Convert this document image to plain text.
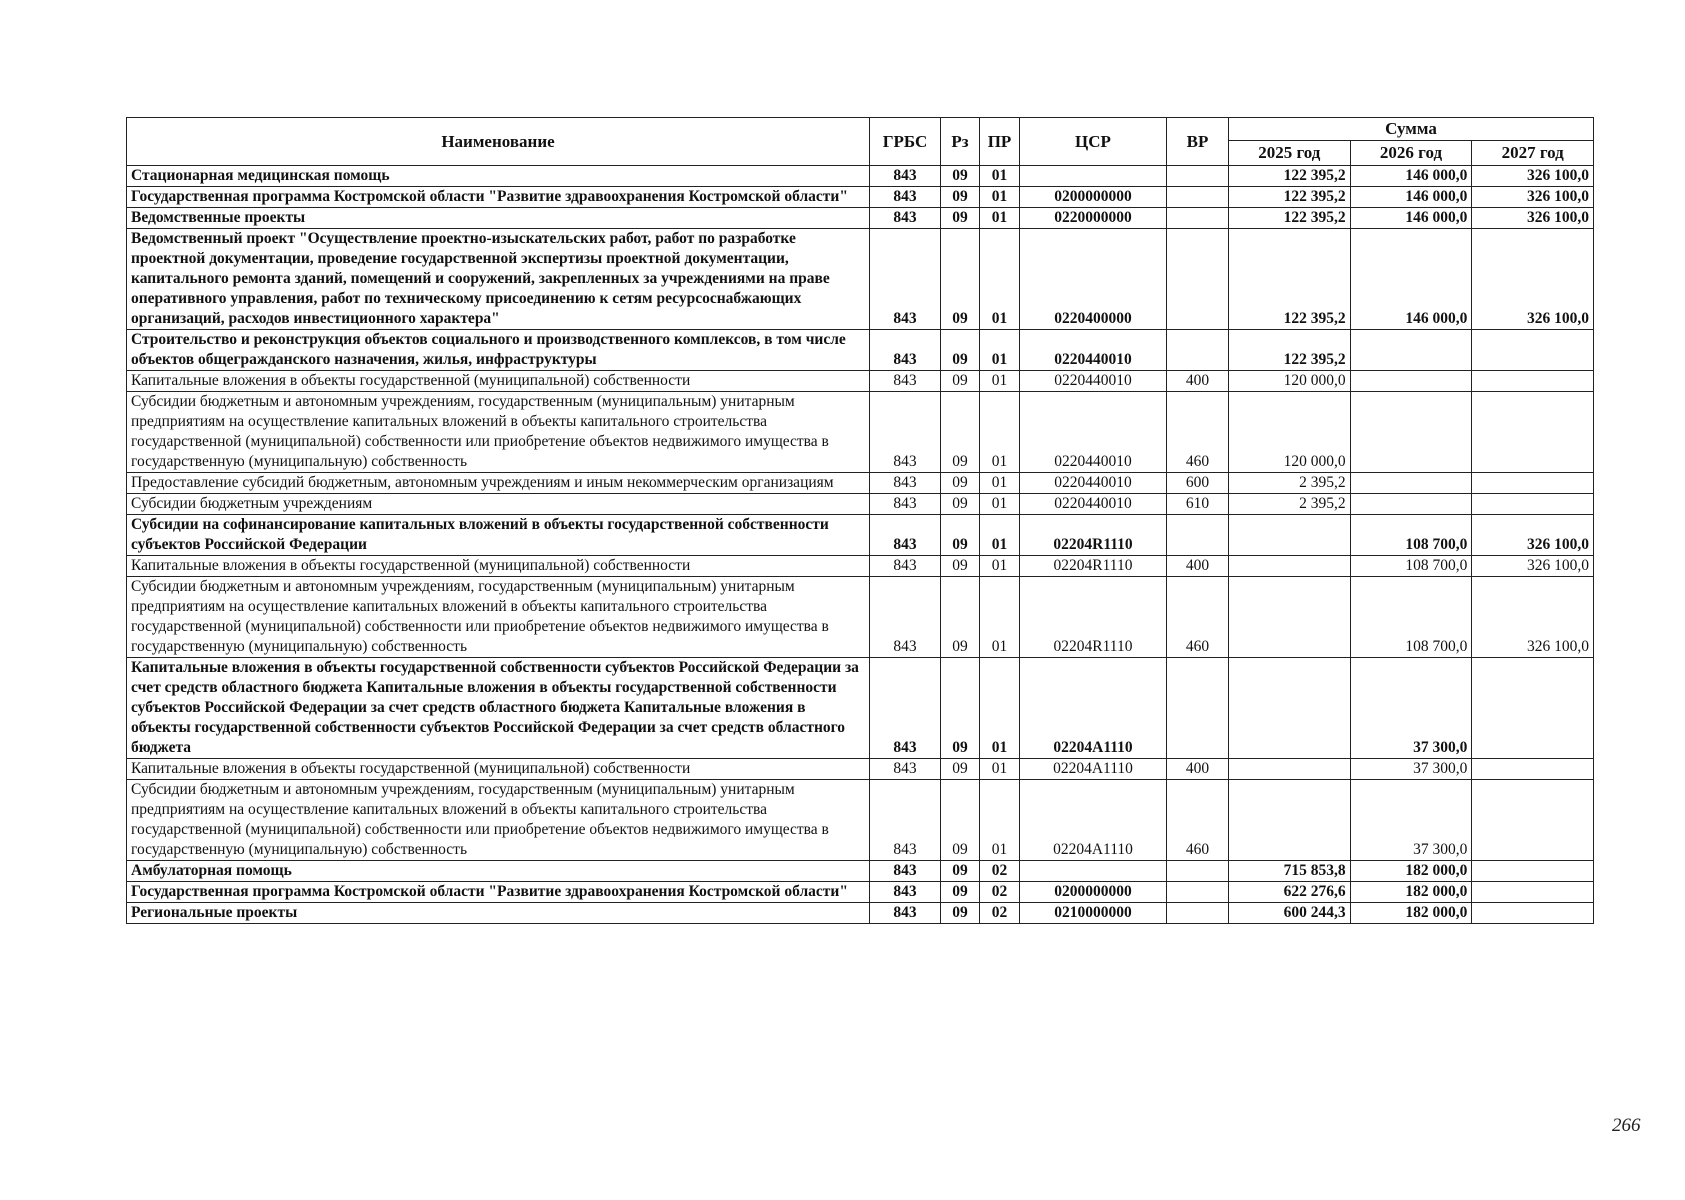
Наименование	ГРБС	Рз	ПР	ЦСР	ВР	Сумма		
						2025 год	2026 год	2027 год
Стационарная медицинская помощь	843	09	01			122 395,2	146 000,0	326 100,0
Государственная программа Костромской области "Развитие здравоохранения Костромской области"	843	09	01	0200000000		122 395,2	146 000,0	326 100,0
Ведомственные проекты	843	09	01	0220000000		122 395,2	146 000,0	326 100,0
Ведомственный проект "Осуществление проектно-изыскательских работ, работ по разработке проектной документации, проведение государственной экспертизы проектной документации, капитального ремонта зданий, помещений и сооружений, закрепленных за учреждениями на праве оперативного управления, работ по техническому присоединению к сетям ресурсоснабжающих организаций, расходов инвестиционного характера"	843	09	01	0220400000		122 395,2	146 000,0	326 100,0
Строительство и реконструкция объектов социального и производственного комплексов, в том числе объектов общегражданского назначения, жилья, инфраструктуры	843	09	01	0220440010		122 395,2		
Капитальные вложения в объекты государственной (муниципальной) собственности	843	09	01	0220440010	400	120 000,0		
Субсидии бюджетным и автономным учреждениям, государственным (муниципальным) унитарным предприятиям на осуществление капитальных вложений в объекты капитального строительства государственной (муниципальной) собственности или приобретение объектов недвижимого имущества в государственную (муниципальную) собственность	843	09	01	0220440010	460	120 000,0		
Предоставление субсидий бюджетным, автономным учреждениям и иным некоммерческим организациям	843	09	01	0220440010	600	2 395,2		
Субсидии бюджетным учреждениям	843	09	01	0220440010	610	2 395,2		
Субсидии на софинансирование капитальных вложений в объекты государственной собственности субъектов Российской Федерации	843	09	01	02204R1110			108 700,0	326 100,0
Капитальные вложения в объекты государственной (муниципальной) собственности	843	09	01	02204R1110	400		108 700,0	326 100,0
Субсидии бюджетным и автономным учреждениям, государственным (муниципальным) унитарным предприятиям на осуществление капитальных вложений в объекты капитального строительства государственной (муниципальной) собственности или приобретение объектов недвижимого имущества в государственную (муниципальную) собственность	843	09	01	02204R1110	460		108 700,0	326 100,0
Капитальные вложения в объекты государственной собственности субъектов Российской Федерации за счет средств областного бюджета Капитальные вложения в объекты государственной собственности субъектов Российской Федерации за счет средств областного бюджета Капитальные вложения в объекты государственной собственности субъектов Российской Федерации за счет средств областного бюджета	843	09	01	02204A1110			37 300,0	
Капитальные вложения в объекты государственной (муниципальной) собственности	843	09	01	02204A1110	400		37 300,0	
Субсидии бюджетным и автономным учреждениям, государственным (муниципальным) унитарным предприятиям на осуществление капитальных вложений в объекты капитального строительства государственной (муниципальной) собственности или приобретение объектов недвижимого имущества в государственную (муниципальную) собственность	843	09	01	02204A1110	460		37 300,0	
Амбулаторная помощь	843	09	02			715 853,8	182 000,0	
Государственная программа Костромской области "Развитие здравоохранения Костромской области"	843	09	02	0200000000		622 276,6	182 000,0	
Региональные проекты	843	09	02	0210000000		600 244,3	182 000,0	
266
